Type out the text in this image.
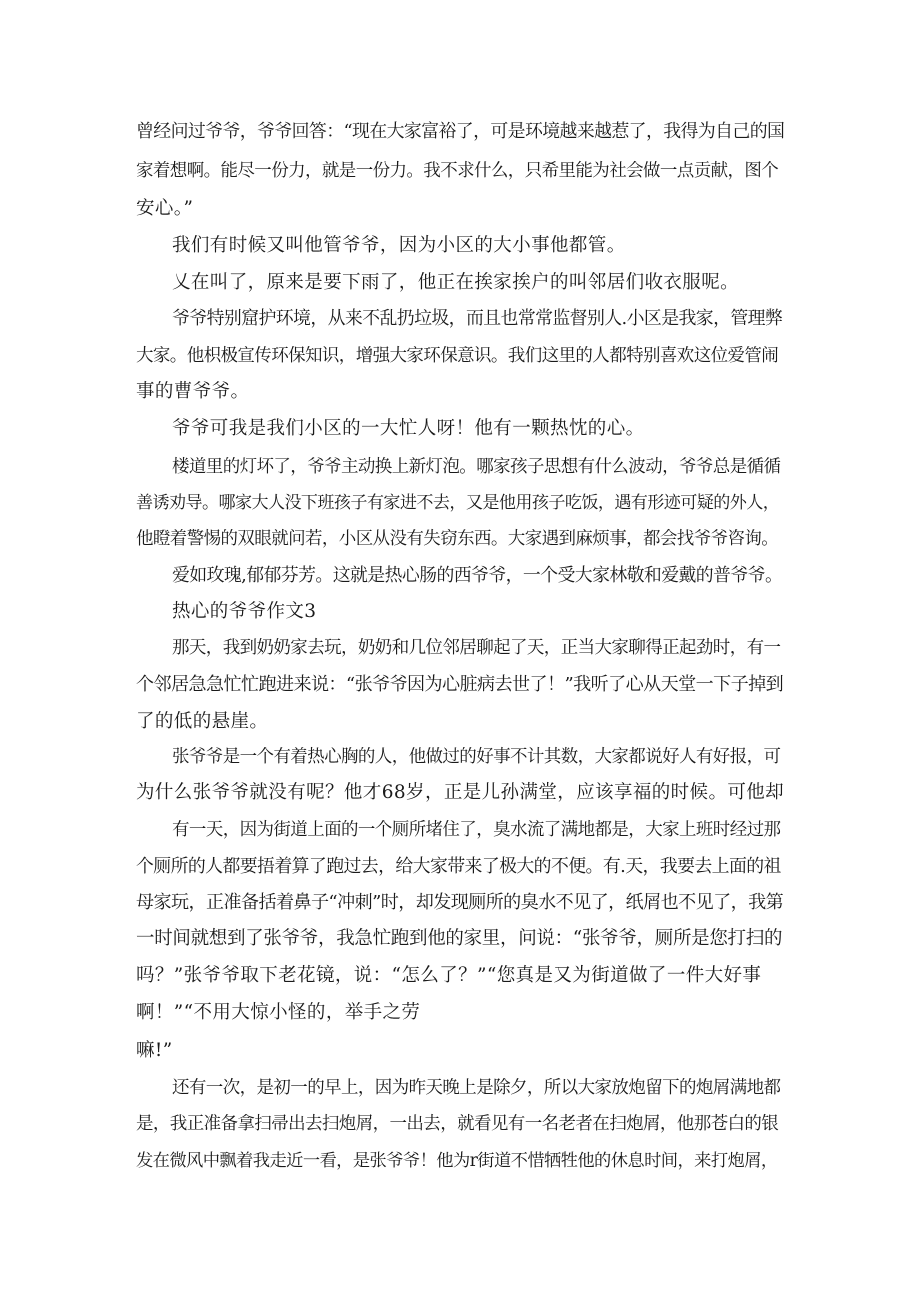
曾经问过爷爷，爷爷回答：“现在大家富裕了，可是环境越来越惹了，我得为自己的国
家着想啊。能尽一份力，就是一份力。我不求什么，只希里能为社会做一点贡献，图个
安心。”
我们有时候又叫他管爷爷，因为小区的大小事他都管。
乂在叫了，原来是要下雨了，他正在挨家挨户的叫邻居们收衣服呢。
爷爷特别窟护环境，从来不乱扔垃圾，而且也常常监督别人.小区是我家，管理弊
大家。他枳极宣传环保知识，增强大家环保意识。我们这里的人都特别喜欢这位爱管闹
事的曹爷爷。
爷爷可我是我们小区的一大忙人呀！他有一颗热忱的心。
楼道里的灯坏了，爷爷主动换上新灯泡。哪家孩子思想有什么波动，爷爷总是循循
善诱劝导。哪家大人没下班孩子有家进不去，又是他用孩子吃饭，遇有形迹可疑的外人，
他瞪着警惕的双眼就问若，小区从没有失窃东西。大家遇到麻烦事，都会找爷爷咨询。
爱如玫瑰,郁郁芬芳。这就是热心肠的西爷爷，一个受大家林敬和爱戴的普爷爷。
热心的爷爷作文3
那天，我到奶奶家去玩，奶奶和几位邻居聊起了天，正当大家聊得正起劲时，有一
个邻居急急忙忙跑进来说：“张爷爷因为心脏病去世了！”我听了心从天堂一下子掉到
了的低的悬崖。
张爷爷是一个有着热心胸的人，他做过的好事不计其数，大家都说好人有好报，可
为什么张爷爷就没有呢？他才68岁，正是儿孙满堂，应该享福的时候。可他却
有一天，因为街道上面的一个厕所堵住了，臭水流了满地都是，大家上班时经过那
个厕所的人都要捂着算了跑过去，给大家带来了极大的不便。有.天，我要去上面的祖
母家玩，正准备括着鼻子“冲刺”时，却发现厕所的臭水不见了，纸屑也不见了，我第
一时间就想到了张爷爷，我急忙跑到他的家里，问说：“张爷爷，厕所是您打扫的
吗？”张爷爷取下老花镜，说：“怎么了？”“您真是又为街道做了一件大好事
啊！”“不用大惊小怪的，举手之劳
嘛!”
还有一次，是初一的早上，因为昨天晚上是除夕，所以大家放炮留下的炮屑满地都
是，我正准备拿扫帚出去扫炮屑，一出去，就看见有一名老者在扫炮屑，他那苍白的银
发在微风中飘着我走近一看，是张爷爷！他为r街道不惜牺牲他的休息时间，来打炮屑，
